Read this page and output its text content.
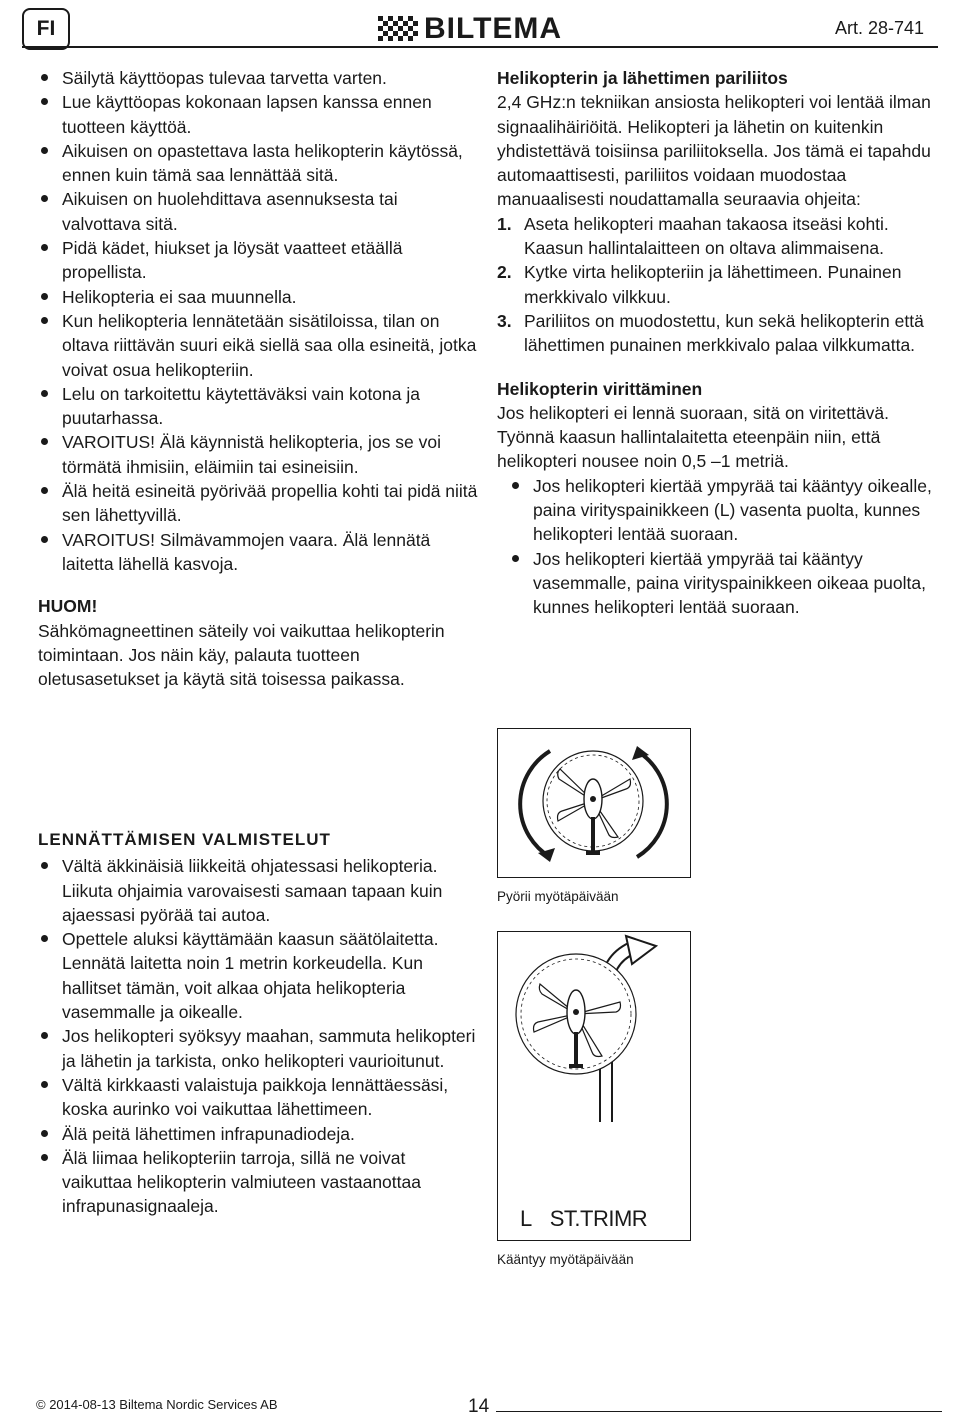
FI	BILTEMA	Art. 28-741
Säilytä käyttöopas tulevaa tarvetta varten.
Lue käyttöopas kokonaan lapsen kanssa ennen tuotteen käyttöä.
Aikuisen on opastettava lasta helikopterin käytössä, ennen kuin tämä saa lennättää sitä.
Aikuisen on huolehdittava asennuksesta tai valvottava sitä.
Pidä kädet, hiukset ja löysät vaatteet etäällä propellista.
Helikopteria ei saa muunnella.
Kun helikopteria lennätetään sisätiloissa, tilan on oltava riittävän suuri eikä siellä saa olla esineitä, jotka voivat osua helikopteriin.
Lelu on tarkoitettu käytettäväksi vain kotona ja puutarhassa.
VAROITUS! Älä käynnistä helikopteria, jos se voi törmätä ihmisiin, eläimiin tai esineisiin.
Älä heitä esineitä pyörivää propellia kohti tai pidä niitä sen lähettyvillä.
VAROITUS! Silmävammojen vaara. Älä lennätä laitetta lähellä kasvoja.
HUOM!
Sähkömagneettinen säteily voi vaikuttaa helikopterin toimintaan. Jos näin käy, palauta tuotteen oletusasetukset ja käytä sitä toisessa paikassa.
LENNÄTTÄMISEN VALMISTELUT
Vältä äkkinäisiä liikkeitä ohjatessasi helikopteria. Liikuta ohjaimia varovaisesti samaan tapaan kuin ajaessasi pyörää tai autoa.
Opettele aluksi käyttämään kaasun säätölaitetta. Lennätä laitetta noin 1 metrin korkeudella. Kun hallitset tämän, voit alkaa ohjata helikopteria vasemmalle ja oikealle.
Jos helikopteri syöksyy maahan, sammuta helikopteri ja lähetin ja tarkista, onko helikopteri vaurioitunut.
Vältä kirkkaasti valaistuja paikkoja lennättäessäsi, koska aurinko voi vaikuttaa lähettimeen.
Älä peitä lähettimen infrapunadiodeja.
Älä liimaa helikopteriin tarroja, sillä ne voivat vaikuttaa helikopterin valmiuteen vastaanottaa infrapunasignaaleja.
Helikopterin ja lähettimen pariliitos
2,4 GHz:n tekniikan ansiosta helikopteri voi lentää ilman signaalihäiriöitä. Helikopteri ja lähetin on kuitenkin yhdistettävä toisiinsa pariliitoksella. Jos tämä ei tapahdu automaattisesti, pariliitos voidaan muodostaa manuaalisesti noudattamalla seuraavia ohjeita:
1. Aseta helikopteri maahan takaosa itseäsi kohti. Kaasun hallintalaitteen on oltava alimmaisena.
2. Kytke virta helikopteriin ja lähettimeen. Punainen merkkivalo vilkkuu.
3. Pariliitos on muodostettu, kun sekä helikopterin että lähettimen punainen merkkivalo palaa vilkkumatta.
Helikopterin virittäminen
Jos helikopteri ei lennä suoraan, sitä on viritettävä. Työnnä kaasun hallintalaitetta eteenpäin niin, että helikopteri nousee noin 0,5 –1 metriä.
Jos helikopteri kiertää ympyrää tai kääntyy oikealle, paina virityspainikkeen (L) vasenta puolta, kunnes helikopteri lentää suoraan.
Jos helikopteri kiertää ympyrää tai kääntyy vasemmalle, paina virityspainikkeen oikeaa puolta, kunnes helikopteri lentää suoraan.
Pyörii myötäpäivään
L ST.TRIMR
Kääntyy myötäpäivään
© 2014-08-13 Biltema Nordic Services AB	14
